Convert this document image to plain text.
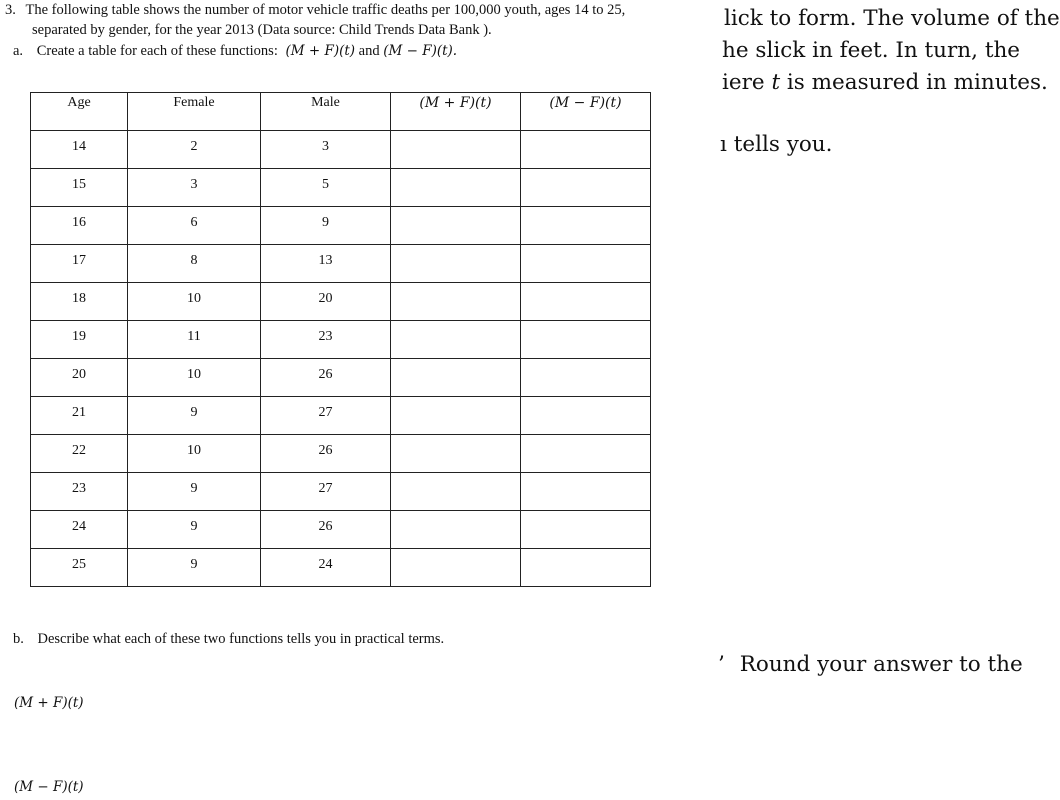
3. The following table shows the number of motor vehicle traffic deaths per 100,000 youth, ages 14 to 25,
separated by gender, for the year 2013 (Data source: Child Trends Data Bank ).
a. Create a table for each of these functions: (M + F)(t) and (M − F)(t).
Age	Female	Male	(M + F)(t)	(M − F)(t)
14	2	3		
15	3	5		
16	6	9		
17	8	13		
18	10	20		
19	11	23		
20	10	26		
21	9	27		
22	10	26		
23	9	27		
24	9	26		
25	9	24		
b. Describe what each of these two functions tells you in practical terms.
(M + F)(t)
(M − F)(t)
lick to form. The volume of the
he slick in feet. In turn, the
iere t is measured in minutes.
ı tells you.
’ Round your answer to the
